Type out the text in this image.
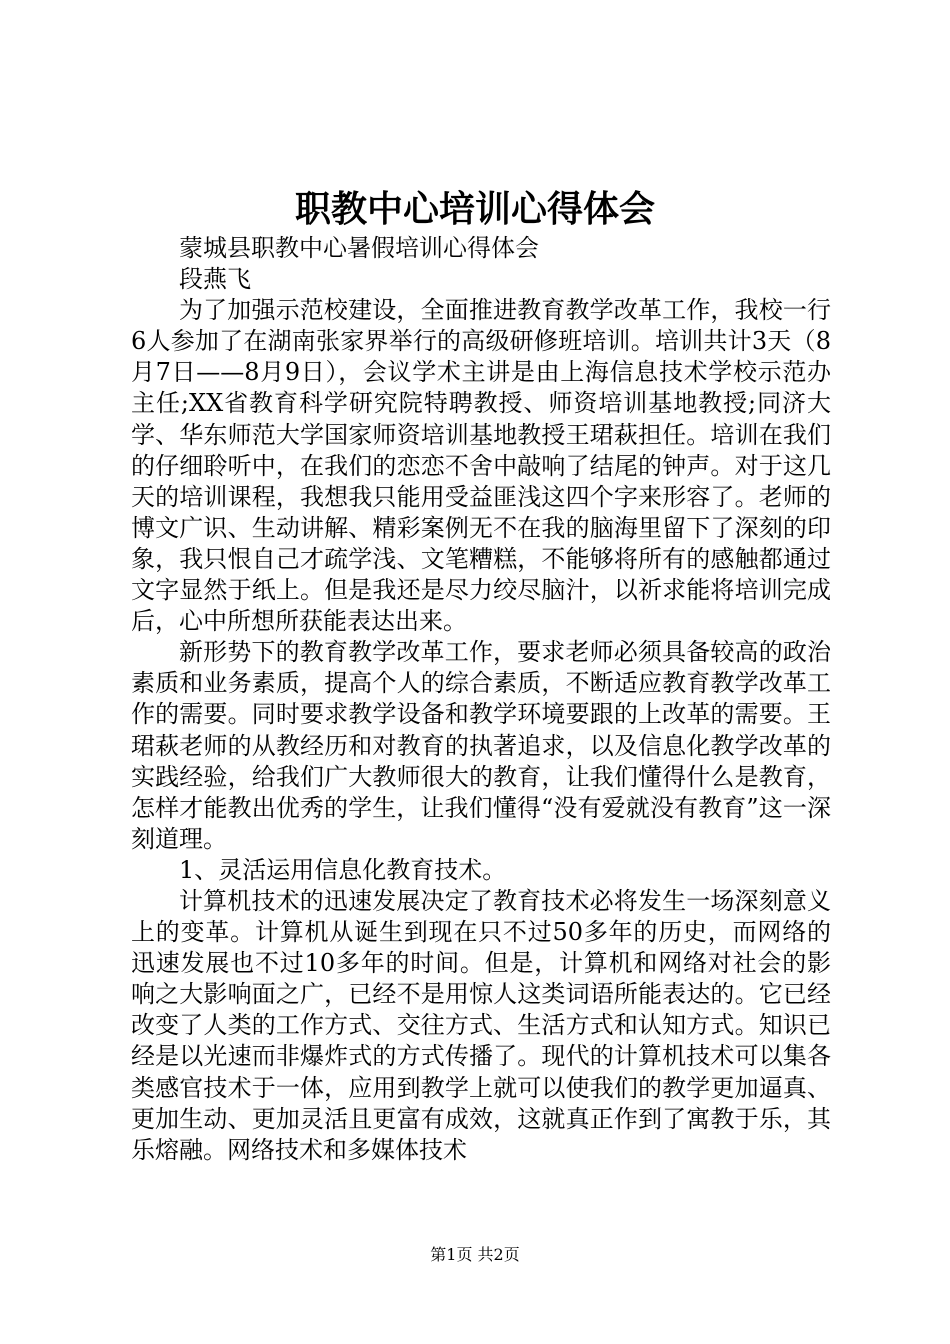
职教中心培训心得体会

蒙城县职教中心暑假培训心得体会

段燕飞

为了加强示范校建设，全面推进教育教学改革工作，我校一行6人参加了在湖南张家界举行的高级研修班培训。培训共计3天（8月7日——8月9日），会议学术主讲是由上海信息技术学校示范办主任;XX省教育科学研究院特聘教授、师资培训基地教授;同济大学、华东师范大学国家师资培训基地教授王珺萩担任。培训在我们的仔细聆听中，在我们的恋恋不舍中敲响了结尾的钟声。对于这几天的培训课程，我想我只能用受益匪浅这四个字来形容了。老师的博文广识、生动讲解、精彩案例无不在我的脑海里留下了深刻的印象，我只恨自己才疏学浅、文笔糟糕，不能够将所有的感触都通过文字显然于纸上。但是我还是尽力绞尽脑汁，以祈求能将培训完成后，心中所想所获能表达出来。

新形势下的教育教学改革工作，要求老师必须具备较高的政治素质和业务素质，提高个人的综合素质，不断适应教育教学改革工作的需要。同时要求教学设备和教学环境要跟的上改革的需要。王珺萩老师的从教经历和对教育的执著追求，以及信息化教学改革的实践经验，给我们广大教师很大的教育，让我们懂得什么是教育，怎样才能教出优秀的学生，让我们懂得“没有爱就没有教育”这一深刻道理。

1、灵活运用信息化教育技术。

计算机技术的迅速发展决定了教育技术必将发生一场深刻意义上的变革。计算机从诞生到现在只不过50多年的历史，而网络的迅速发展也不过10多年的时间。但是，计算机和网络对社会的影响之大影响面之广，已经不是用惊人这类词语所能表达的。它已经改变了人类的工作方式、交往方式、生活方式和认知方式。知识已经是以光速而非爆炸式的方式传播了。现代的计算机技术可以集各类感官技术于一体，应用到教学上就可以使我们的教学更加逼真、更加生动、更加灵活且更富有成效，这就真正作到了寓教于乐，其乐熔融。网络技术和多媒体技术

第1页 共2页
